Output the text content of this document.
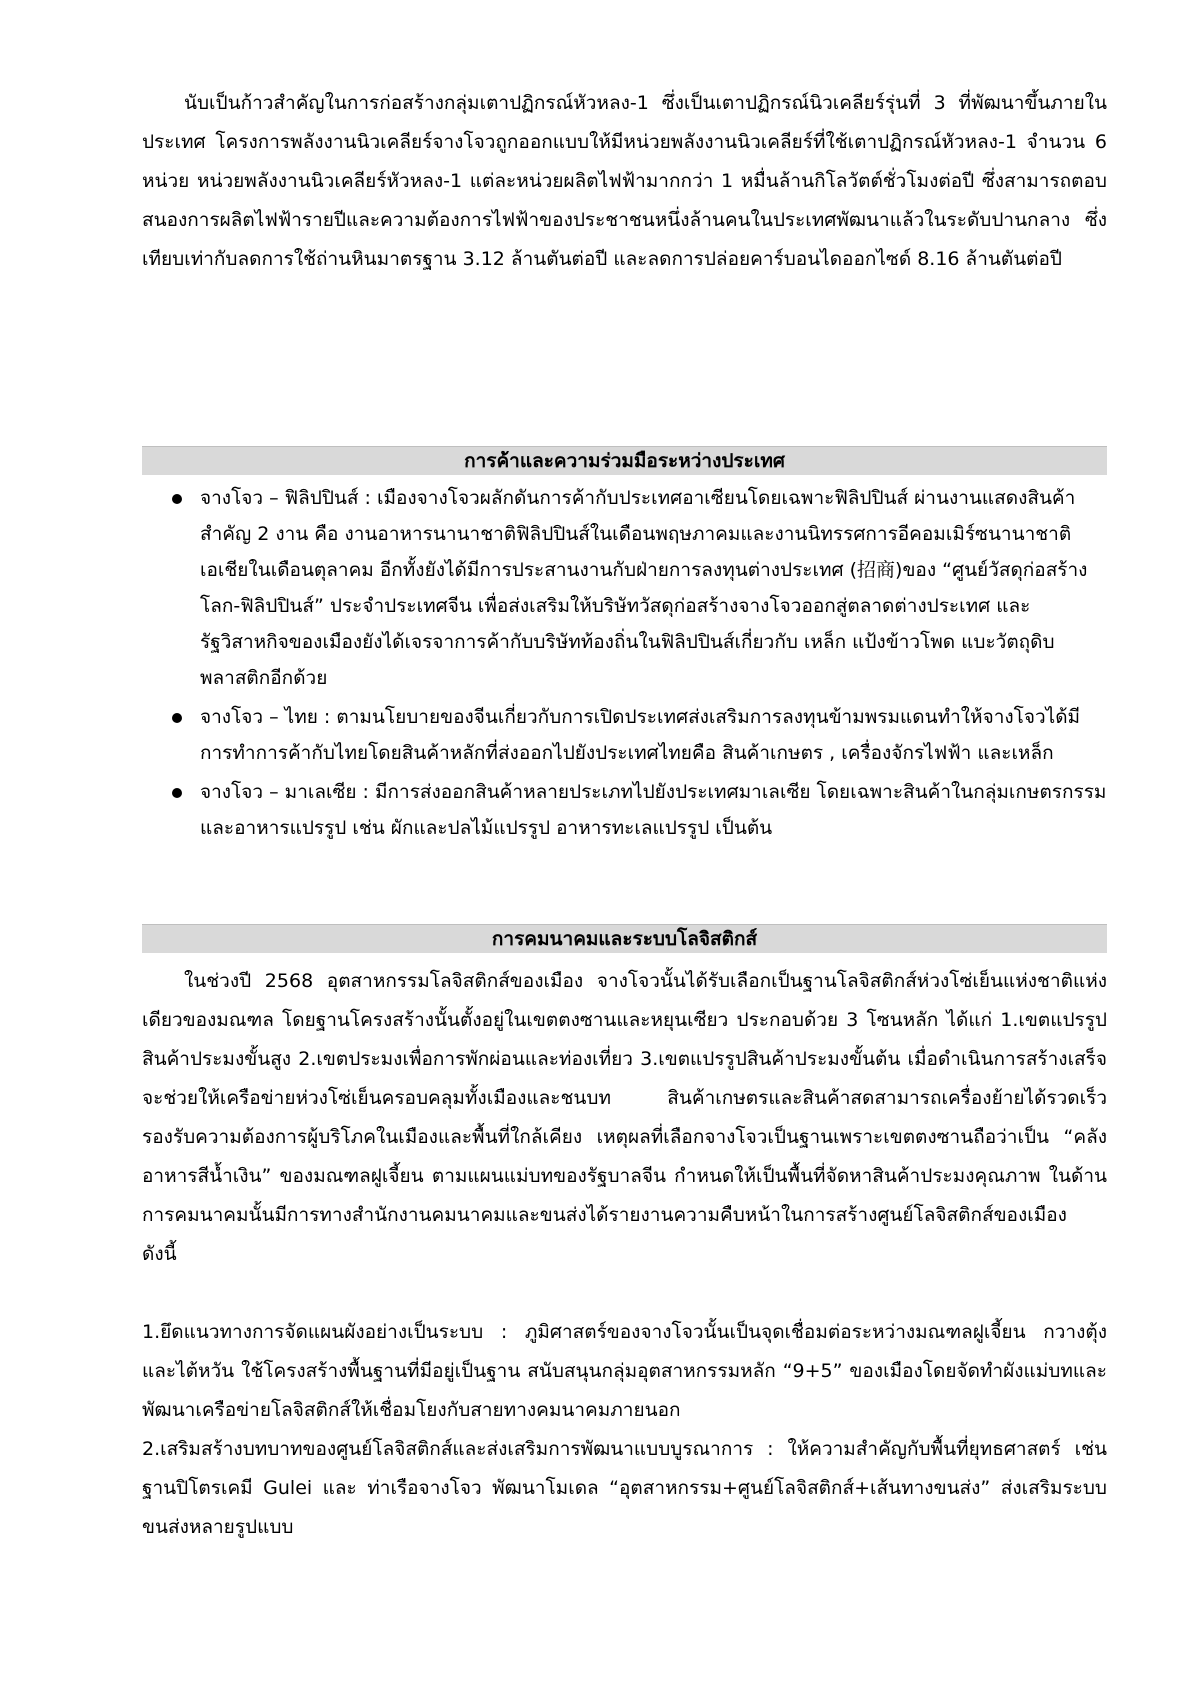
นับเป็นก้าวสำคัญในการก่อสร้างกลุ่มเตาปฏิกรณ์หัวหลง-1 ซึ่งเป็นเตาปฏิกรณ์นิวเคลียร์รุ่นที่ 3 ที่พัฒนาขึ้นภายในประเทศ โครงการพลังงานนิวเคลียร์จางโจวถูกออกแบบให้มีหน่วยพลังงานนิวเคลียร์ที่ใช้เตาปฏิกรณ์หัวหลง-1 จำนวน 6 หน่วย หน่วยพลังงานนิวเคลียร์หัวหลง-1 แต่ละหน่วยผลิตไฟฟ้ามากกว่า 1 หมื่นล้านกิโลวัตต์ชั่วโมงต่อปี ซึ่งสามารถตอบสนองการผลิตไฟฟ้ารายปีและความต้องการไฟฟ้าของประชาชนหนึ่งล้านคนในประเทศพัฒนาแล้วในระดับปานกลาง ซึ่งเทียบเท่ากับลดการใช้ถ่านหินมาตรฐาน 3.12 ล้านตันต่อปี และลดการปล่อยคาร์บอนไดออกไซด์ 8.16 ล้านตันต่อปี

การค้าและความร่วมมือระหว่างประเทศ
จางโจว – ฟิลิปปินส์ : เมืองจางโจวผลักดันการค้ากับประเทศอาเซียนโดยเฉพาะฟิลิปปินส์ ผ่านงานแสดงสินค้าสำคัญ 2 งาน คือ งานอาหารนานาชาติฟิลิปปินส์ในเดือนพฤษภาคมและงานนิทรรศการอีคอมเมิร์ซนานาชาติเอเชียในเดือนตุลาคม อีกทั้งยังได้มีการประสานงานกับฝ่ายการลงทุนต่างประเทศ (招商)ของ “ศูนย์วัสดุก่อสร้างโลก-ฟิลิปปินส์” ประจำประเทศจีน เพื่อส่งเสริมให้บริษัทวัสดุก่อสร้างจางโจวออกสู่ตลาดต่างประเทศ และ รัฐวิสาหกิจของเมืองยังได้เจรจาการค้ากับบริษัทท้องถิ่นในฟิลิปปินส์เกี่ยวกับ เหล็ก แป้งข้าวโพด แบะวัตถุดิบพลาสติกอีกด้วย
จางโจว – ไทย : ตามนโยบายของจีนเกี่ยวกับการเปิดประเทศส่งเสริมการลงทุนข้ามพรมแดนทำให้จางโจวได้มีการทำการค้ากับไทยโดยสินค้าหลักที่ส่งออกไปยังประเทศไทยคือ สินค้าเกษตร , เครื่องจักรไฟฟ้า และเหล็ก
จางโจว – มาเลเซีย : มีการส่งออกสินค้าหลายประเภทไปยังประเทศมาเลเซีย โดยเฉพาะสินค้าในกลุ่มเกษตรกรรมและอาหารแปรรูป เช่น ผักและปลไม้แปรรูป อาหารทะเลแปรรูป เป็นต้น
การคมนาคมและระบบโลจิสติกส์

ในช่วงปี 2568 อุตสาหกรรมโลจิสติกส์ของเมือง จางโจวนั้นได้รับเลือกเป็นฐานโลจิสติกส์ห่วงโซ่เย็นแห่งชาติแห่งเดียวของมณฑล โดยฐานโครงสร้างนั้นตั้งอยู่ในเขตตงซานและหยุนเซียว ประกอบด้วย 3 โซนหลัก ได้แก่ 1.เขตแปรรูปสินค้าประมงขั้นสูง 2.เขตประมงเพื่อการพักผ่อนและท่องเที่ยว 3.เขตแปรรูปสินค้าประมงขั้นต้น เมื่อดำเนินการสร้างเสร็จจะช่วยให้เครือข่ายห่วงโซ่เย็นครอบคลุมทั้งเมืองและชนบท สินค้าเกษตรและสินค้าสดสามารถเครื่องย้ายได้รวดเร็ว รองรับความต้องการผู้บริโภคในเมืองและพื้นที่ใกล้เคียง เหตุผลที่เลือกจางโจวเป็นฐานเพราะเขตตงซานถือว่าเป็น “คลังอาหารสีน้ำเงิน” ของมณฑลฝูเจี้ยน ตามแผนแม่บทของรัฐบาลจีน กำหนดให้เป็นพื้นที่จัดหาสินค้าประมงคุณภาพ ในด้านการคมนาคมนั้นมีการทางสำนักงานคมนาคมและขนส่งได้รายงานความคืบหน้าในการสร้างศูนย์โลจิสติกส์ของเมือง ดังนี้

1.ยึดแนวทางการจัดแผนผังอย่างเป็นระบบ : ภูมิศาสตร์ของจางโจวนั้นเป็นจุดเชื่อมต่อระหว่างมณฑลฝูเจี้ยน กวางตุ้ง และไต้หวัน ใช้โครงสร้างพื้นฐานที่มีอยู่เป็นฐาน สนับสนุนกลุ่มอุตสาหกรรมหลัก “9+5” ของเมืองโดยจัดทำผังแม่บทและพัฒนาเครือข่ายโลจิสติกส์ให้เชื่อมโยงกับสายทางคมนาคมภายนอก

2.เสริมสร้างบทบาทของศูนย์โลจิสติกส์และส่งเสริมการพัฒนาแบบบูรณาการ : ให้ความสำคัญกับพื้นที่ยุทธศาสตร์ เช่น ฐานปิโตรเคมี Gulei และ ท่าเรือจางโจว พัฒนาโมเดล “อุตสาหกรรม+ศูนย์โลจิสติกส์+เส้นทางขนส่ง” ส่งเสริมระบบขนส่งหลายรูปแบบ
